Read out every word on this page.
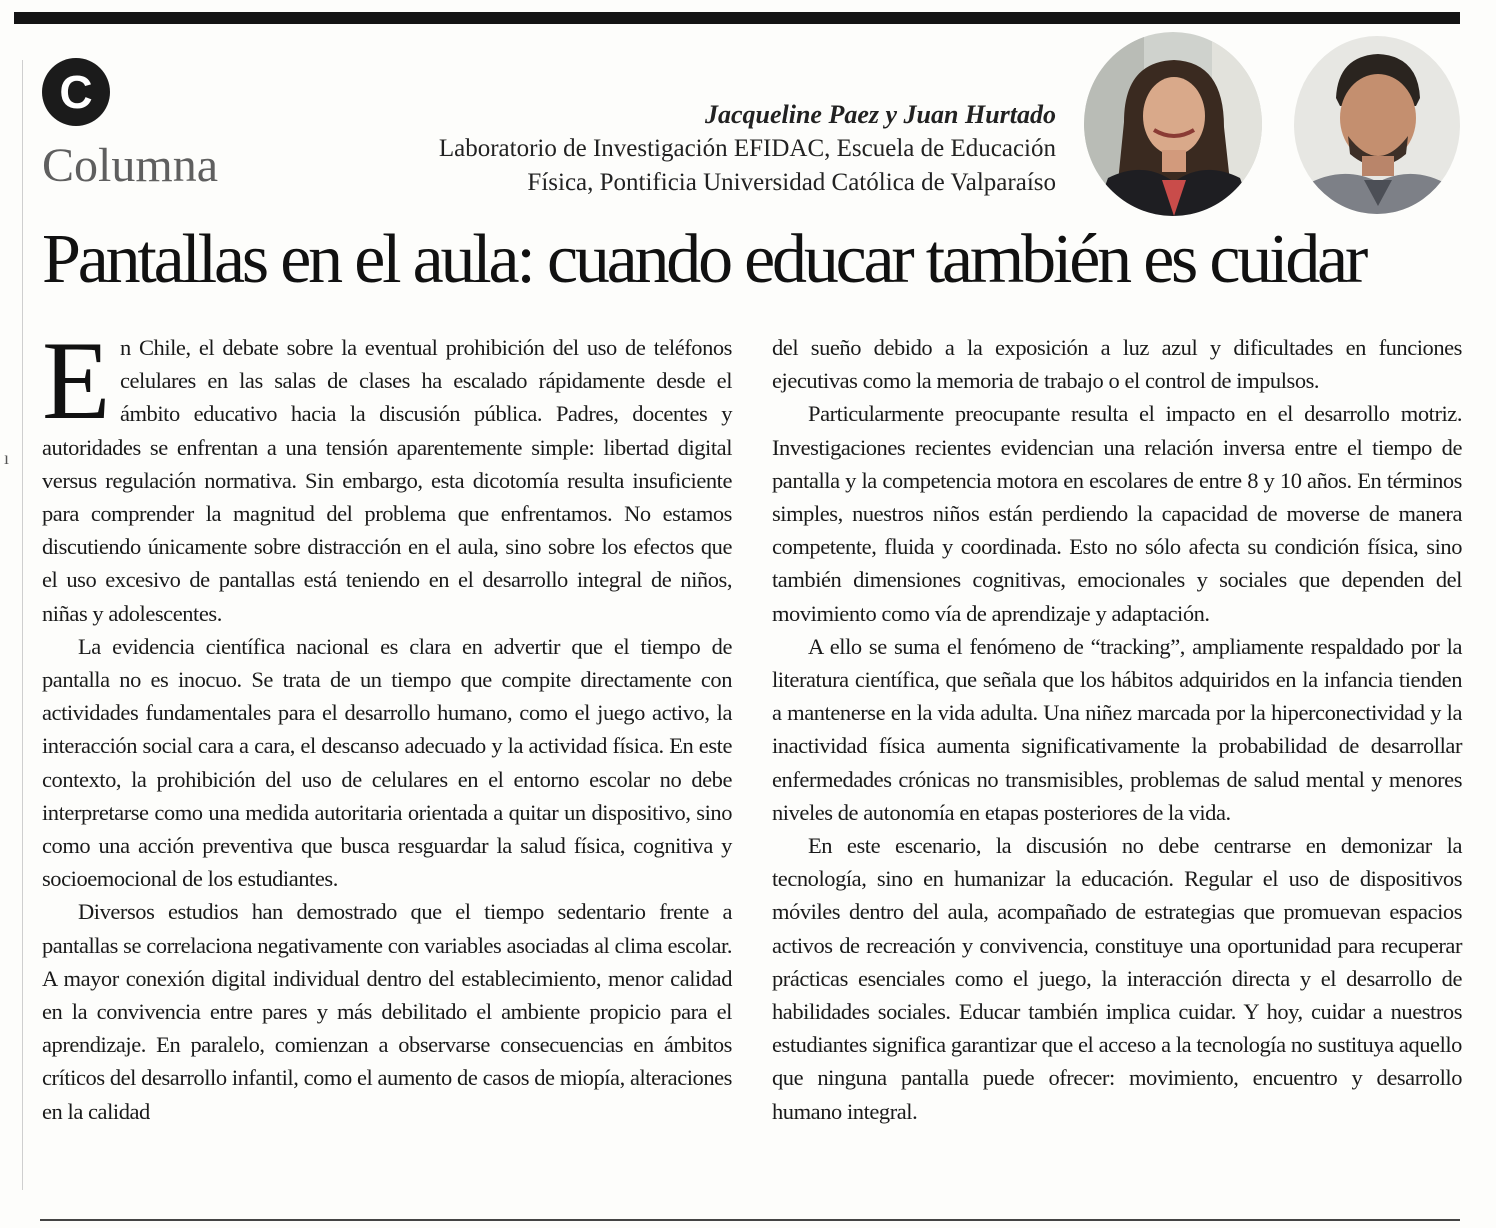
ı
C
Columna
Jacqueline Paez y Juan Hurtado
Laboratorio de Investigación EFIDAC, Escuela de Educación
Física, Pontificia Universidad Católica de Valparaíso
Pantallas en el aula: cuando educar también es cuidar

En Chile, el debate sobre la eventual prohibición del uso de teléfonos celulares en las salas de clases ha escalado rápidamente desde el ámbito educativo hacia la discusión pública. Padres, docentes y autoridades se enfrentan a una tensión aparentemente simple: libertad digital versus regulación normativa. Sin embargo, esta dicotomía resulta insuficiente para comprender la magnitud del problema que enfrentamos. No estamos discutiendo únicamente sobre distracción en el aula, sino sobre los efectos que el uso excesivo de pantallas está teniendo en el desarrollo integral de niños, niñas y adolescentes.

La evidencia científica nacional es clara en advertir que el tiempo de pantalla no es inocuo. Se trata de un tiempo que compite directamente con actividades fundamentales para el desarrollo humano, como el juego activo, la interacción social cara a cara, el descanso adecuado y la actividad física. En este contexto, la prohibición del uso de celulares en el entorno escolar no debe interpretarse como una medida autoritaria orientada a quitar un dispositivo, sino como una acción preventiva que busca resguardar la salud física, cognitiva y socioemocional de los estudiantes.

Diversos estudios han demostrado que el tiempo sedentario frente a pantallas se correlaciona negativamente con variables asociadas al clima escolar. A mayor conexión digital individual dentro del establecimiento, menor calidad en la convivencia entre pares y más debilitado el ambiente propicio para el aprendizaje. En paralelo, comienzan a observarse consecuencias en ámbitos críticos del desarrollo infantil, como el aumento de casos de miopía, alteraciones en la calidad

del sueño debido a la exposición a luz azul y dificultades en funciones ejecutivas como la memoria de trabajo o el control de impulsos.

Particularmente preocupante resulta el impacto en el desarrollo motriz. Investigaciones recientes evidencian una relación inversa entre el tiempo de pantalla y la competencia motora en escolares de entre 8 y 10 años. En términos simples, nuestros niños están perdiendo la capacidad de moverse de manera competente, fluida y coordinada. Esto no sólo afecta su condición física, sino también dimensiones cognitivas, emocionales y sociales que dependen del movimiento como vía de aprendizaje y adaptación.

A ello se suma el fenómeno de “tracking”, ampliamente respaldado por la literatura científica, que señala que los hábitos adquiridos en la infancia tienden a mantenerse en la vida adulta. Una niñez marcada por la hiperconectividad y la inactividad física aumenta significativamente la probabilidad de desarrollar enfermedades crónicas no transmisibles, problemas de salud mental y menores niveles de autonomía en etapas posteriores de la vida.

En este escenario, la discusión no debe centrarse en demonizar la tecnología, sino en humanizar la educación. Regular el uso de dispositivos móviles dentro del aula, acompañado de estrategias que promuevan espacios activos de recreación y convivencia, constituye una oportunidad para recuperar prácticas esenciales como el juego, la interacción directa y el desarrollo de habilidades sociales. Educar también implica cuidar. Y hoy, cuidar a nuestros estudiantes significa garantizar que el acceso a la tecnología no sustituya aquello que ninguna pantalla puede ofrecer: movimiento, encuentro y desarrollo humano integral.
